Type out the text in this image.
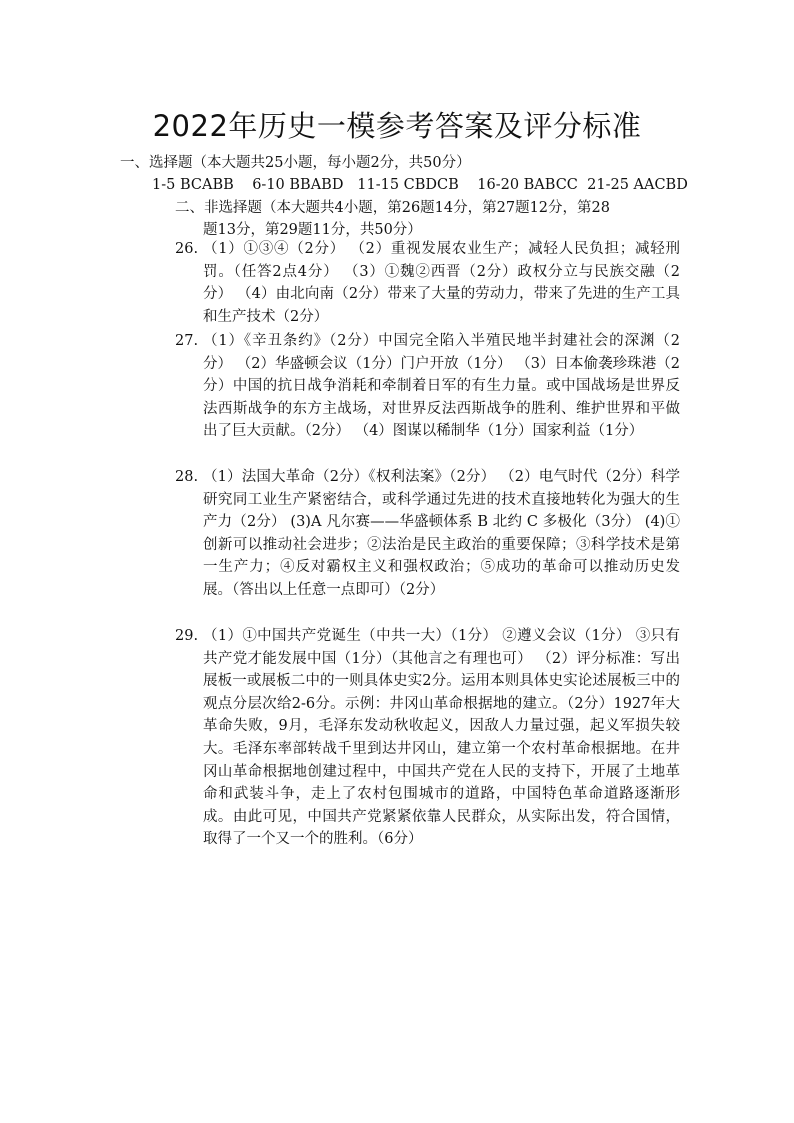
2022年历史一模参考答案及评分标准
一、选择题（本大题共25小题，每小题2分，共50分）
1-5 BCABB    6-10 BBABD   11-15 CBDCB    16-20 BABCC  21-25 AACBD
二、非选择题（本大题共4小题，第26题14分，第27题12分，第28
题13分，第29题11分，共50分）
26. （1）①③④（2分） （2）重视发展农业生产；减轻人民负担；减轻刑罚。（任答2点4分） （3）①魏②西晋（2分）政权分立与民族交融（2分） （4）由北向南（2分）带来了大量的劳动力，带来了先进的生产工具和生产技术（2分）
27. （1）《辛丑条约》（2分）中国完全陷入半殖民地半封建社会的深渊（2分） （2）华盛顿会议（1分）门户开放（1分） （3）日本偷袭珍珠港（2分）中国的抗日战争消耗和牵制着日军的有生力量。或中国战场是世界反法西斯战争的东方主战场，对世界反法西斯战争的胜利、维护世界和平做出了巨大贡献。（2分） （4）图谋以稀制华（1分）国家利益（1分）
28. （1）法国大革命（2分）《权利法案》（2分） （2）电气时代（2分）科学研究同工业生产紧密结合，或科学通过先进的技术直接地转化为强大的生产力（2分） (3)A 凡尔赛——华盛顿体系 B 北约 C 多极化（3分） (4)①创新可以推动社会进步；②法治是民主政治的重要保障；③科学技术是第一生产力；④反对霸权主义和强权政治；⑤成功的革命可以推动历史发展。（答出以上任意一点即可）（2分）
29. （1）①中国共产党诞生（中共一大）（1分） ②遵义会议（1分） ③只有共产党才能发展中国（1分）（其他言之有理也可） （2）评分标准：写出展板一或展板二中的一则具体史实2分。运用本则具体史实论述展板三中的观点分层次给2-6分。示例：井冈山革命根据地的建立。（2分）1927年大革命失败，9月，毛泽东发动秋收起义，因敌人力量过强，起义军损失较大。毛泽东率部转战千里到达井冈山，建立第一个农村革命根据地。在井冈山革命根据地创建过程中，中国共产党在人民的支持下，开展了土地革命和武装斗争，走上了农村包围城市的道路，中国特色革命道路逐渐形成。由此可见，中国共产党紧紧依靠人民群众，从实际出发，符合国情，取得了一个又一个的胜利。（6分）
